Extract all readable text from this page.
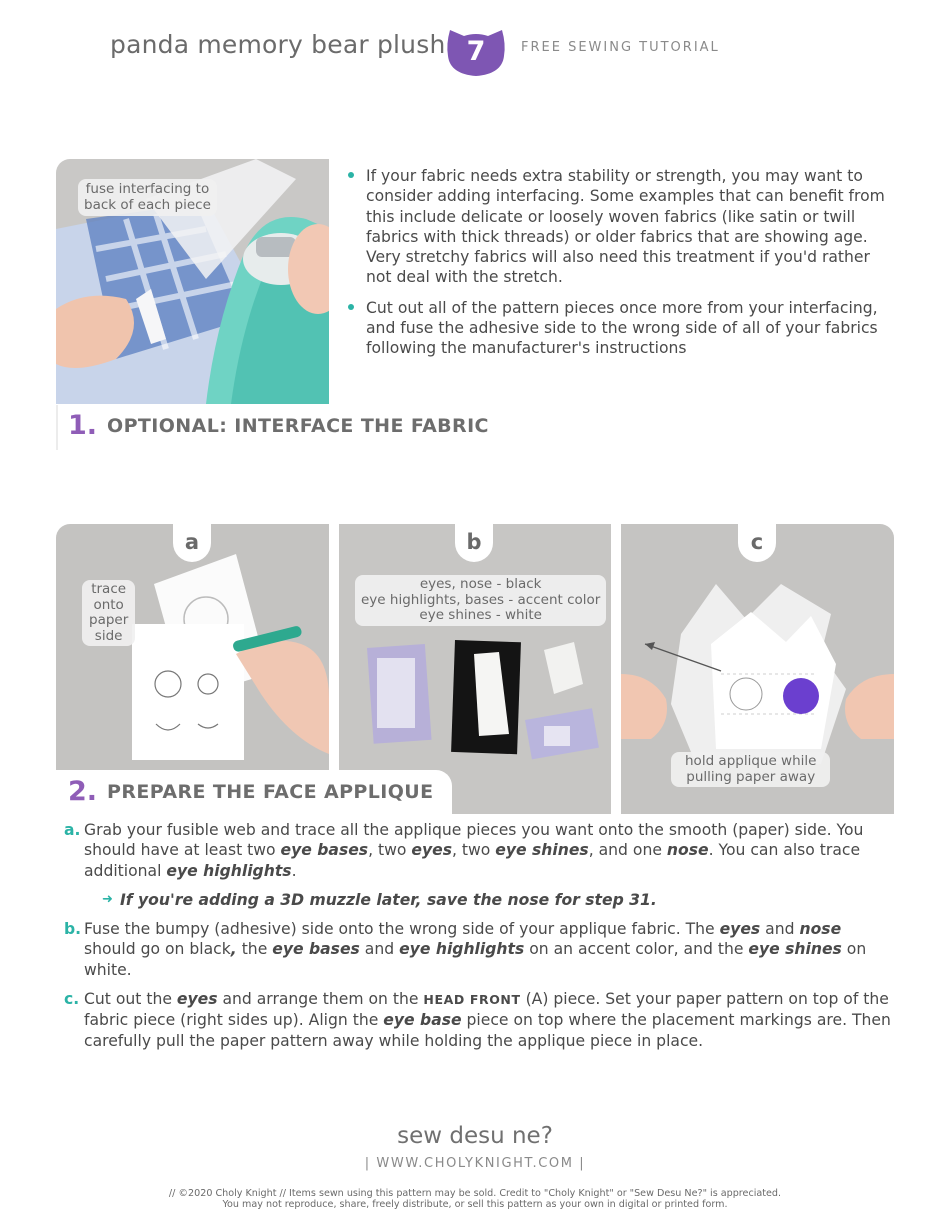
panda memory bear plush 7	FREE SEWING TUTORIAL
fuse interfacing to
back of each piece
If your fabric needs extra stability or strength, you may want to consider adding interfacing. Some examples that can benefit from this include delicate or loosely woven fabrics (like satin or twill fabrics with thick threads) or older fabrics that are showing age. Very stretchy fabrics will also need this treatment if you'd rather not deal with the stretch.
Cut out all of the pattern pieces once more from your interfacing, and fuse the adhesive side to the wrong side of all of your fabrics following the manufacturer's instructions
1. OPTIONAL: INTERFACE THE FABRIC
trace
onto
paper
side
a
eyes, nose - black
eye highlights, bases - accent color
eye shines - white
b
hold applique while
pulling paper away
c
2. PREPARE THE FACE APPLIQUE
a. Grab your fusible web and trace all the applique pieces you want onto the smooth (paper) side. You should have at least two eye bases, two eyes, two eye shines, and one nose. You can also trace additional eye highlights.
➜ If you're adding a 3D muzzle later, save the nose for step 31.
b. Fuse the bumpy (adhesive) side onto the wrong side of your applique fabric. The eyes and nose should go on black, the eye bases and eye highlights on an accent color, and the eye shines on white.
c. Cut out the eyes and arrange them on the HEAD FRONT (A) piece. Set your paper pattern on top of the fabric piece (right sides up). Align the eye base piece on top where the placement markings are. Then carefully pull the paper pattern away while holding the applique piece in place.
sew desu ne?
| WWW.CHOLYKNIGHT.COM |
// ©2020 Choly Knight // Items sewn using this pattern may be sold. Credit to "Choly Knight" or "Sew Desu Ne?" is appreciated.
You may not reproduce, share, freely distribute, or sell this pattern as your own in digital or printed form.
